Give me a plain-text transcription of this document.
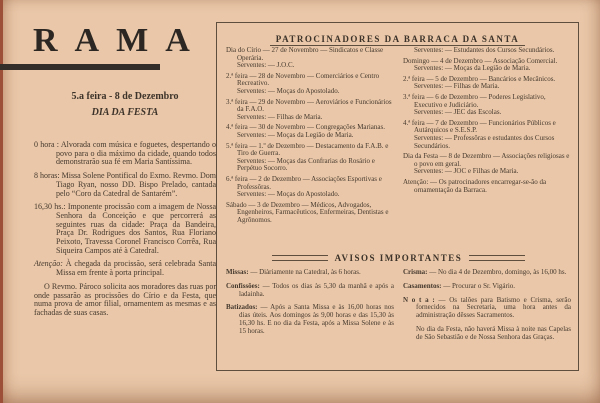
RAMA
5.a feira - 8 de Dezembro
DIA DA FESTA

0 hora : Alvorada com música e foguetes, despertando o povo para o dia máximo da cidade, quando todos demonstrarão sua fé em Maria Santíssima.

8 horas: Missa Solene Pontifical do Exmo. Revmo. Dom Tiago Ryan, nosso DD. Bispo Prelado, cantada pelo “Coro da Catedral de Santarém”.

16,30 hs.: Imponente procissão com a imagem de Nossa Senhora da Conceição e que percorrerá as seguintes ruas da cidade: Praça da Bandeira, Praça Dr. Rodrigues dos Santos, Rua Floriano Peixoto, Travessa Coronel Francisco Corrêa, Rua Siqueira Campos até à Catedral.

Atenção: À chegada da procissão, será celebrada Santa Missa em frente à porta principal.

O Revmo. Pároco solicita aos moradores das ruas por onde passarão as procissões do Círio e da Festa, que numa prova de amor filial, ornamentem as mesmas e as fachadas de suas casas.

PATROCINADORES DA BARRACA DA SANTA

Dia do Círio — 27 de Novembro — Sindicatos e Classe Operária.

Serventes: — J.O.C.

2.ª feira — 28 de Novembro — Comerciários e Centro Recreativo.

Serventes: — Moças do Apostolado.

3.ª feira — 29 de Novembro — Aeroviários e Funcionários da F.A.O.

Serventes: — Filhas de Maria.

4.ª feira — 30 de Novembro — Congregações Marianas.

Serventes: — Moças da Legião de Maria.

5.ª feira — 1.º de Dezembro — Destacamento da F.A.B. e Tiro de Guerra.

Serventes: — Moças das Confrarias do Rosário e Perpétuo Socorro.

6.ª feira — 2 de Dezembro — Associações Esportivas e Professôras.

Serventes: — Moças do Apostolado.

Sábado — 3 de Dezembro — Médicos, Advogados, Engenheiros, Farmacêuticos, Enfermeiras, Dentistas e Agrônomos.

Serventes: — Estudantes dos Cursos Secundários.

Domingo — 4 de Dezembro — Associação Comercial.

Serventes: — Moças da Legião de Maria.

2.ª feira — 5 de Dezembro — Bancários e Mecânicos.

Serventes: — Filhas de Maria.

3.ª feira — 6 de Dezembro — Poderes Legislativo, Executivo e Judiciário.

Serventes: — JEC das Escolas.

4.ª feira — 7 de Dezembro — Funcionários Públicos e Autárquicos e S.E.S.P.

Serventes: — Professôras e estudantes dos Cursos Secundários.

Dia da Festa — 8 de Dezembro — Associações religiosas e o povo em geral.

Serventes: — JOC e Filhas de Maria.

Atenção: — Os patrocinadores encarregar-se-ão da ornamentação da Barraca.

AVISOS IMPORTANTES

Missas: — Diàriamente na Catedral, às 6 horas.

Confissões: — Todos os dias às 5,30 da manhã e após a ladainha.

Batizados: — Após a Santa Missa e às 16,00 horas nos dias úteis. Aos domingos às 9,00 horas e das 15,30 às 16,30 hs. E no dia da Festa, após a Missa Solene e às 15 horas.

Crisma: — No dia 4 de Dezembro, domingo, às 16,00 hs.

Casamentos: — Procurar o Sr. Vigário.

N o t a : — Os talões para Batismo e Crisma, serão fornecidos na Secretaria, uma hora antes da administração dêsses Sacramentos.

No dia da Festa, não haverá Missa à noite nas Capelas de São Sebastião e de Nossa Senhora das Graças.
